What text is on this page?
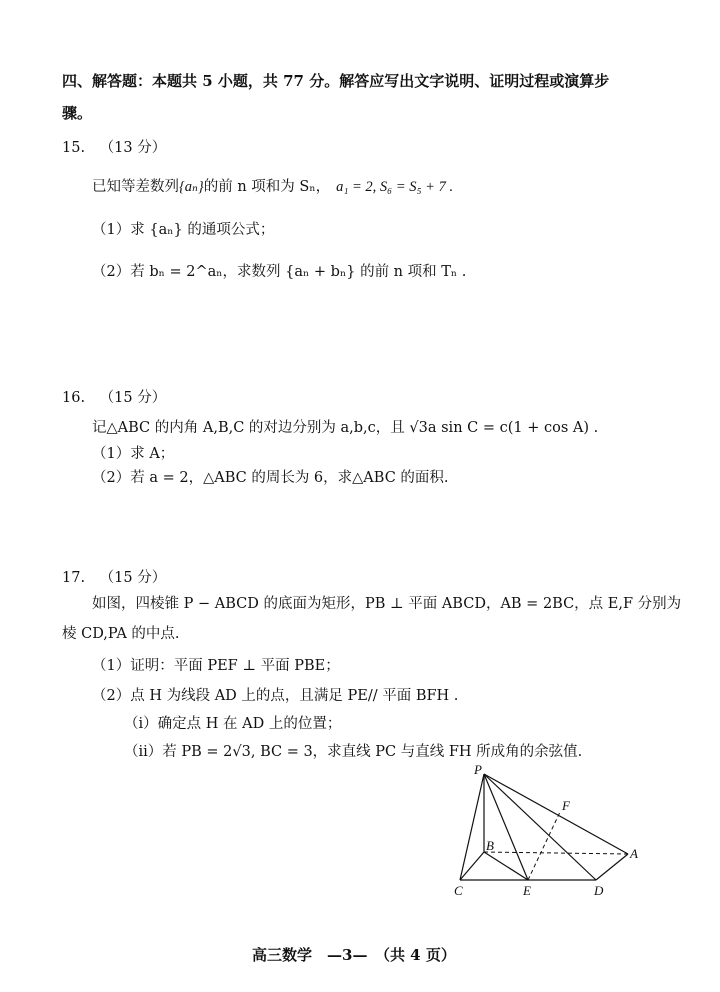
四、解答题：本题共 5 小题，共 77 分。解答应写出文字说明、证明过程或演算步
骤。
15. （13 分）
已知等差数列{aₙ}的前 n 项和为 Sₙ， a₁ = 2, S₆ = S₅ + 7 .
（1）求 {aₙ} 的通项公式；
（2）若 bₙ = 2^aₙ，求数列 {aₙ + bₙ} 的前 n 项和 Tₙ .
16. （15 分）
记△ABC 的内角 A,B,C 的对边分别为 a,b,c，且 √3a sin C = c(1 + cos A) .
（1）求 A；
（2）若 a = 2，△ABC 的周长为 6，求△ABC 的面积.
17. （15 分）
如图，四棱锥 P − ABCD 的底面为矩形，PB ⊥ 平面 ABCD，AB = 2BC，点 E,F 分别为
棱 CD,PA 的中点.
（1）证明：平面 PEF ⊥ 平面 PBE；
（2）点 H 为线段 AD 上的点，且满足 PE// 平面 BFH .
（ⅰ）确定点 H 在 AD 上的位置；
（ⅱ）若 PB = 2√3, BC = 3，求直线 PC 与直线 FH 所成角的余弦值.
P
F
B
A
C	E	D
高三数学　—3—　（共 4 页）
